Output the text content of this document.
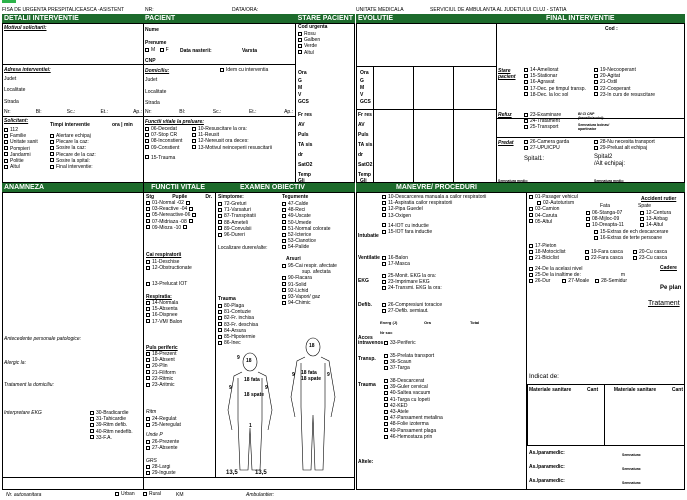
FISA DE URGENTA PRESPITALICEASCA -ASISTENT	NR:	DATA/ORA:	UNITATE MEDICALA	SERVICIUL DE AMBULANTA AL JUDETULUI CLUJ - STATIA
DETALII INTERVENTIE	PACIENT	STARE PACIENT EVOLUTIE	FINAL INTERVENTIE
ANAMNEZA	FUNCTII VITALE	EXAMEN OBIECTIV	MANEVRE/ PROCEDURI
Motivul solicitarii:
Adresa interventiei:
Judet
Localitate
Strada
Nr:	Bl:	Sc.:	Et.:	Ap.:
Solicitant:
Timpi interventie	ora | min
112
Familie
Unitate sanit
Pompieri
Jandarmi
Politie
Altul
Alertare echipaj
Plecare la caz:
Sosire la caz:
Plecare de la caz:
Sosire la spital:
Final interventie:
Nume
Prenume
M F Data nasterii:	Varsta
CNP
Domiciliu:	Idem cu interventia
Judet
Localitate
Strada
Nr:	Bl:	Sc.:	Et.:	Ap.:
Functii vitale la preluare:
06-Decedat
07-Stop CR
08-Inconstient
09-Constient
15-Trauma
10-Resuscitare la ora:
11-Reusit
12-Nereusit ora deces:
13-Motivul neinceperii resuscitarii
Cod urgenta
Rosu
Galben
Verde
Altul
Ora
G
M
V
GCS
Fr res
AV
Puls
TA sis
dr
SatO2
Temp
Gli
Ora
G
M
V
GCS
Fr res
AV
Puls
TA sis
dr
SatO2
Temp
Gli
Cod :
Stare pacient
14-Ameliorat
15-Stationar
16-Agravat
17-Dec. pe timpul transp.
18-Dec. la loc sol
19-Necooperant
20-Agitat
21-Ostil
22-Cooperant
23-In curs de resuscitare
Refuz	23-Examinare
24-Tratament
25-Transport
BI CI CNP (beneficiarului):
Semnatura bolnav/ apartinator
Predat	26-Camera garda
27-UPU/CPU
28-Nu necesita transport
29-Preluat alt echipaj
Spital1:	Spital2
/Alt echipaj:
Semnatura medic:	Semnatura medic:
Antecedente personale patologice:
Alergic la:
Tratament la domiciliu:
Interpretare EKG	30-Bradicardie
31-Tahicardie
39-Ritm defib.
40-Ritm nedefib.
33-F.A.
Stg	Pupile	Dr.
01-Normal -02
03-Reactive -04
05-Nereactive-06
07-Midriaza -08
09-Mioza -10
Cai respiratorii
11-Deschise
12-Obstructionate
13-Prelucat IOT
Respiratia:
14-Normala
15-Absenta
16-Dispnee
17-VM/ Balon
Puls periferic
18-Prezent
19-Absent
20-Plin
21-Filiform
22-Ritmic
23-Aritmic
Ritm
24-Regulat
25-Neregulat
Unde P
26-Prezente
27-Absente
GRS
28-Largi
29-Inguste
Simptome:
72-Greturi
71-Varsaturi
87-Transpiratii
88-Ameteli
89-Convulsii
96-Dureri
Localizare durere/alte:
Trauma
80-Plaga
81-Contuzie
82-Fr. inchisa
83-Fr. deschisa
84-Arsura
85-Hipotermie
86-Inec
Tegumente
47-Calde
48-Reci
49-Uscate
50-Umede
51-Normal colorate
52-Icterice
53-Cianotice
54-Palide
Arsuri
95-Cai respir. afectate
sup. afectata
90-Flacara
91-Solid
92-Lichid
93-Vapori/ gaz
94-Chimic
18
18 fata
18 spate
9	9
1
13,5	13,5
18
18 fata
18 spate
9	9
9
10-Descarcerea manuala a cailor respiratorii
11-Aspiratia cailor respiratorii
12-Pipa Guedel
13-Oxigen
14-IOT cu inductie
15-IOT fara inductie
Intubatie
Ventilatie	16-Balon
17-Masca
EKG
25-Monit. EKG la ora:
23-Imprimare EKG
24-Transmi. EKG la ora:
Defib.	26-Compresiuni toracice
27-Defib. semiaut.
Energ (J)	Ora	Total
Nr soc
Acces intravenos	33-Periferic
Transp.	35-Prelata transport
36-Scaun
37-Targa
Trauma
38-Descarcerat
39-Guler cervical
40-Saltea vacuum
41-Targa cu lopeti
42-KED
43-Atele
47-Pansament metalina
48-Folie izoterma
49-Pansament plaga
46-Hemostaza prin
Altele:
Accident rutier
01-Pasager vehicul
02-Autoturism
03-Camion
04-Caruta
05-Altul
Fata	Spate
06-Stanga-07
08-Mijloc-09
10-Dreapta-11
12-Centura
13-Airbag
14-Altul
15-Extras de ech descarcerare
16-Extras de terte persoane
17-Pieton
18-Motociclist
21-Biciclist
19-Fara casca
22-Fara casca
20-Cu casca
23-Cu casca
Cadere
24-De la acelasi nivel
25-De la inaltime de:	m
26-Dur	27-Moale 28-Semidur
Pe plan
Tratament
Indicat de:
Materiale sanitare	Cant	Materiale sanitare	Cant
As./paramedic:	Semnatura:
As./paramedic:	Semnatura:
As./paramedic:	Semnatura:
Nr. autosanitara	Urban	Rural	KM	Ambulantier:
